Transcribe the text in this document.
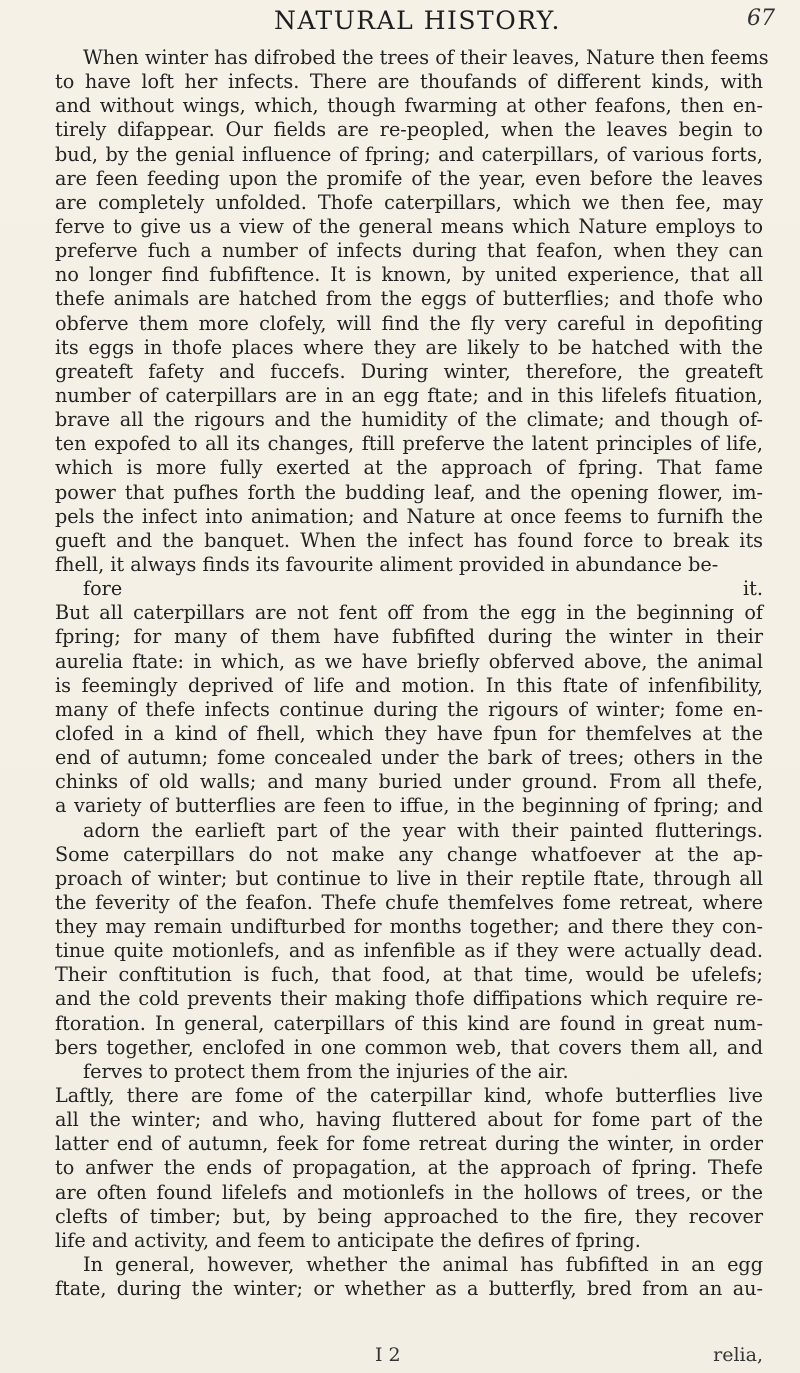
NATURAL HISTORY.	67
When winter has difrobed the trees of their leaves, Nature then feems
to have loft her infects. There are thoufands of different kinds, with
and without wings, which, though fwarming at other feafons, then en-
tirely difappear. Our fields are re-peopled, when the leaves begin to
bud, by the genial influence of fpring; and caterpillars, of various forts,
are feen feeding upon the promife of the year, even before the leaves
are completely unfolded. Thofe caterpillars, which we then fee, may
ferve to give us a view of the general means which Nature employs to
preferve fuch a number of infects during that feafon, when they can
no longer find fubfiftence. It is known, by united experience, that all
thefe animals are hatched from the eggs of butterflies; and thofe who
obferve them more clofely, will find the fly very careful in depofiting
its eggs in thofe places where they are likely to be hatched with the
greateft fafety and fuccefs. During winter, therefore, the greateft
number of caterpillars are in an egg ftate; and in this lifelefs fituation,
brave all the rigours and the humidity of the climate; and though of-
ten expofed to all its changes, ftill preferve the latent principles of life,
which is more fully exerted at the approach of fpring. That fame
power that pufhes forth the budding leaf, and the opening flower, im-
pels the infect into animation; and Nature at once feems to furnifh the
gueft and the banquet. When the infect has found force to break its
fhell, it always finds its favourite aliment provided in abundance be-
fore it.
But all caterpillars are not fent off from the egg in the beginning of
fpring; for many of them have fubfifted during the winter in their
aurelia ftate: in which, as we have briefly obferved above, the animal
is feemingly deprived of life and motion. In this ftate of infenfibility,
many of thefe infects continue during the rigours of winter; fome en-
clofed in a kind of fhell, which they have fpun for themfelves at the
end of autumn; fome concealed under the bark of trees; others in the
chinks of old walls; and many buried under ground. From all thefe,
a variety of butterflies are feen to iffue, in the beginning of fpring; and
adorn the earlieft part of the year with their painted flutterings.
Some caterpillars do not make any change whatfoever at the ap-
proach of winter; but continue to live in their reptile ftate, through all
the feverity of the feafon. Thefe chufe themfelves fome retreat, where
they may remain undifturbed for months together; and there they con-
tinue quite motionlefs, and as infenfible as if they were actually dead.
Their conftitution is fuch, that food, at that time, would be ufelefs;
and the cold prevents their making thofe diffipations which require re-
ftoration. In general, caterpillars of this kind are found in great num-
bers together, enclofed in one common web, that covers them all, and
ferves to protect them from the injuries of the air.
Laftly, there are fome of the caterpillar kind, whofe butterflies live
all the winter; and who, having fluttered about for fome part of the
latter end of autumn, feek for fome retreat during the winter, in order
to anfwer the ends of propagation, at the approach of fpring. Thefe
are often found lifelefs and motionlefs in the hollows of trees, or the
clefts of timber; but, by being approached to the fire, they recover
life and activity, and feem to anticipate the defires of fpring.
In general, however, whether the animal has fubfifted in an egg
ftate, during the winter; or whether as a butterfly, bred from an au-
I 2	relia,
